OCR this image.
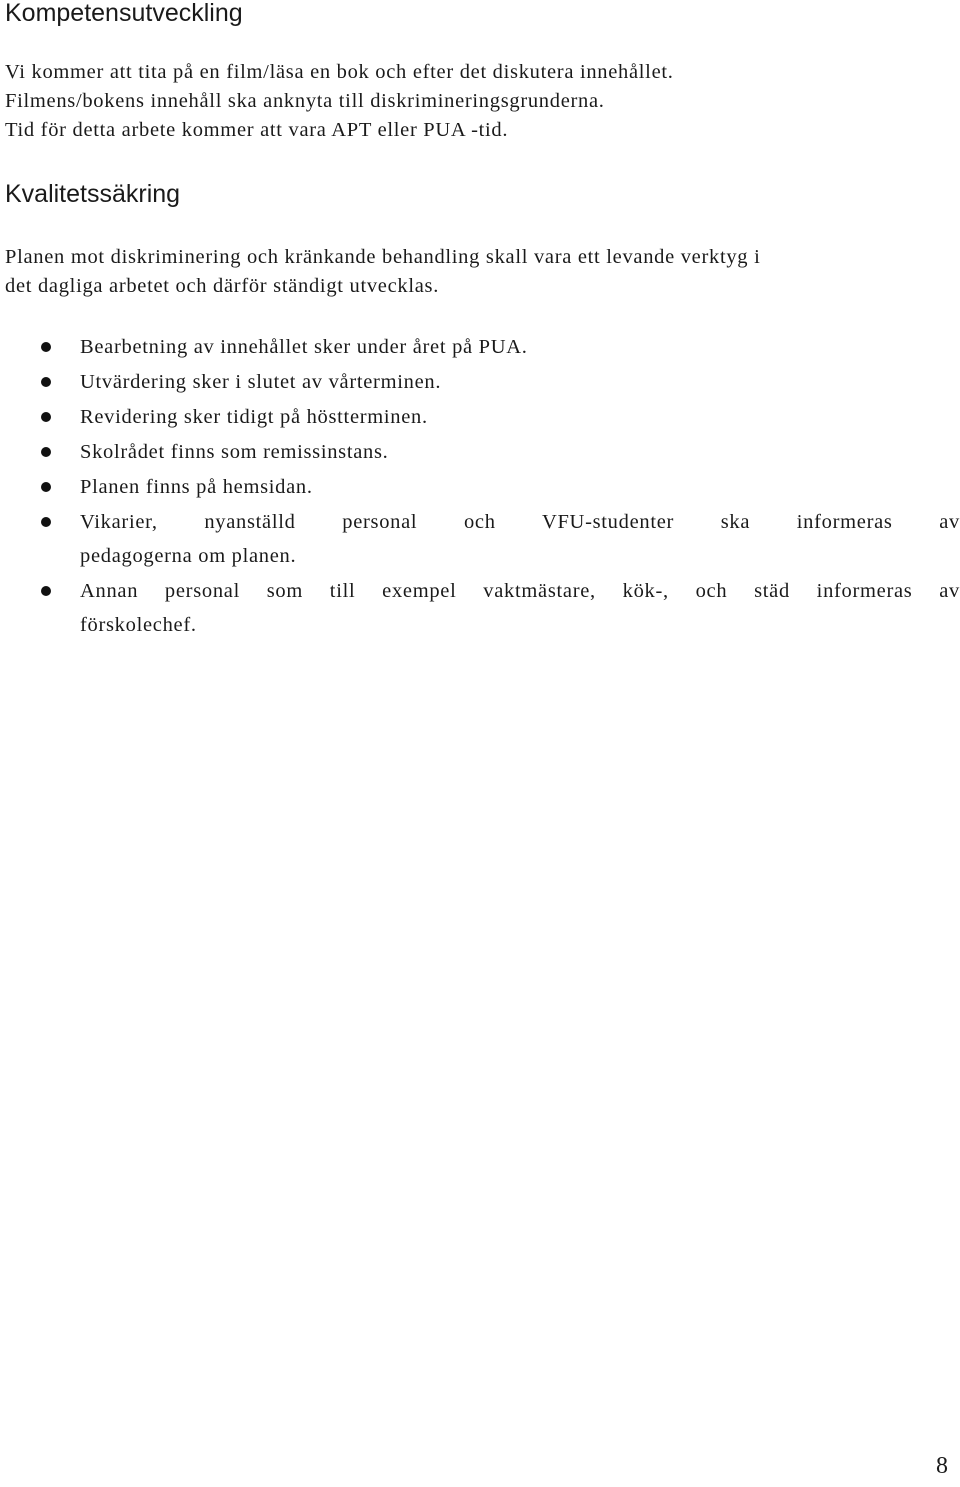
Kompetensutveckling

Vi kommer att tita på en film/läsa en bok och efter det diskutera innehållet.
Filmens/bokens innehåll ska anknyta till diskrimineringsgrunderna.
Tid för detta arbete kommer att vara APT eller PUA -tid.

Kvalitetssäkring

Planen mot diskriminering och kränkande behandling skall vara ett levande verktyg i
det dagliga arbetet och därför ständigt utvecklas.

Bearbetning av innehållet sker under året på PUA.
Utvärdering sker i slutet av vårterminen.
Revidering sker tidigt på höstterminen.
Skolrådet finns som remissinstans.
Planen finns på hemsidan.
Vikarier, nyanställd personal och VFU-studenter ska informeras av
pedagogerna om planen.
Annan personal som till exempel vaktmästare, kök-, och städ informeras av
förskolechef.
8
